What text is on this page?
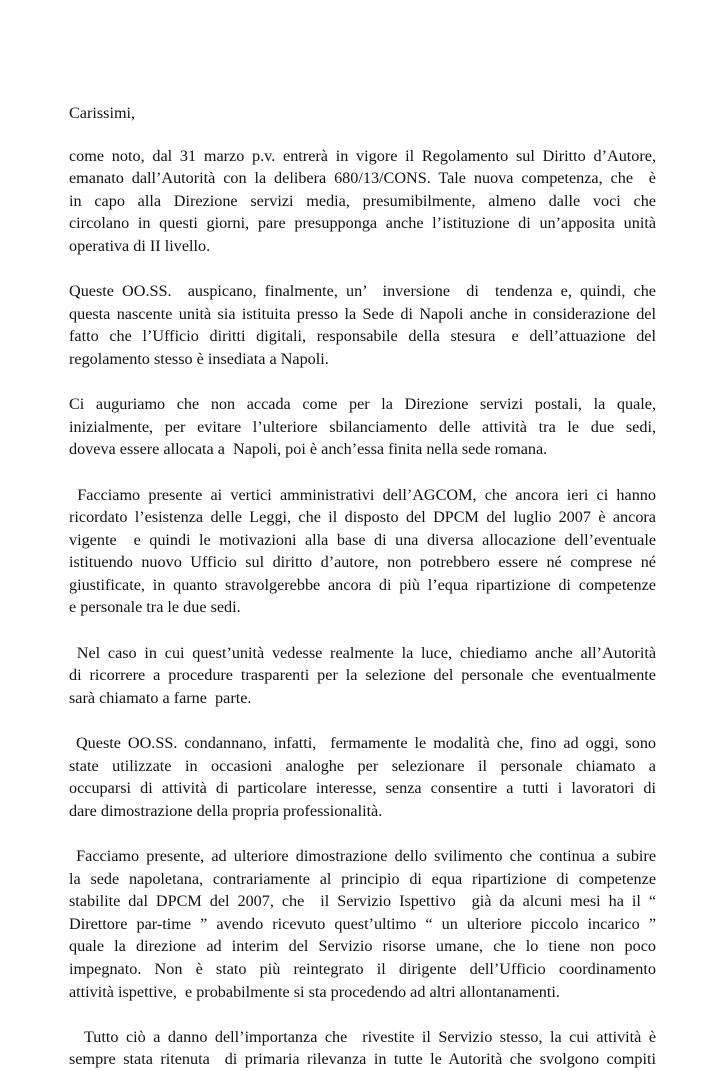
Carissimi,

come noto, dal 31 marzo p.v. entrerà in vigore il Regolamento sul Diritto d’Autore,
emanato dall’Autorità con la delibera 680/13/CONS. Tale nuova competenza, che  è
in  capo  alla  Direzione  servizi  media,  presumibilmente,  almeno  dalle  voci  che
circolano in questi giorni, pare presupponga anche l’istituzione di un’apposita unità
operativa di II livello.

Queste OO.SS.  auspicano, finalmente, un’  inversione  di  tendenza e, quindi, che
questa nascente unità sia istituita presso la Sede di Napoli anche in considerazione del
fatto  che  l’Ufficio  diritti  digitali,  responsabile  della  stesura   e  dell’attuazione  del
regolamento stesso è insediata a Napoli.

Ci  auguriamo  che  non  accada  come  per  la  Direzione  servizi  postali,  la  quale,
inizialmente,  per  evitare  l’ulteriore  sbilanciamento  delle  attività  tra  le  due  sedi,
doveva essere allocata a  Napoli, poi è anch’essa finita nella sede romana.

Facciamo presente ai vertici amministrativi dell’AGCOM, che ancora ieri ci hanno
ricordato l’esistenza delle Leggi, che il disposto del DPCM del luglio 2007 è ancora
vigente  e quindi le motivazioni alla base di una diversa allocazione dell’eventuale
istituendo nuovo Ufficio sul diritto d’autore, non potrebbero essere né comprese né
giustificate, in quanto stravolgerebbe ancora di più l’equa ripartizione di competenze
e personale tra le due sedi.

Nel caso in cui quest’unità vedesse realmente la luce, chiediamo anche all’Autorità
di ricorrere a procedure trasparenti per la selezione del personale che eventualmente
sarà chiamato a farne  parte.

Queste OO.SS. condannano, infatti,  fermamente le modalità che, fino ad oggi, sono
state  utilizzate  in  occasioni  analoghe  per  selezionare  il  personale  chiamato  a
occuparsi  di  attività  di  particolare  interesse,  senza  consentire  a  tutti  i  lavoratori  di
dare dimostrazione della propria professionalità.

Facciamo presente, ad ulteriore dimostrazione dello svilimento che continua a subire
la sede napoletana, contrariamente al principio di equa ripartizione di competenze
stabilite dal DPCM del 2007, che  il Servizio Ispettivo  già da alcuni mesi ha il “
Direttore par-time ” avendo ricevuto quest’ultimo “ un ulteriore piccolo incarico ”
quale  la  direzione  ad  interim  del  Servizio  risorse  umane,  che  lo  tiene  non  poco
impegnato.  Non  è  stato  più  reintegrato  il  dirigente  dell’Ufficio  coordinamento
attività ispettive,  e probabilmente si sta procedendo ad altri allontanamenti.

Tutto ciò a danno dell’importanza che  rivestite il Servizio stesso, la cui attività è
sempre stata ritenuta  di primaria rilevanza in tutte le Autorità che svolgono compiti
